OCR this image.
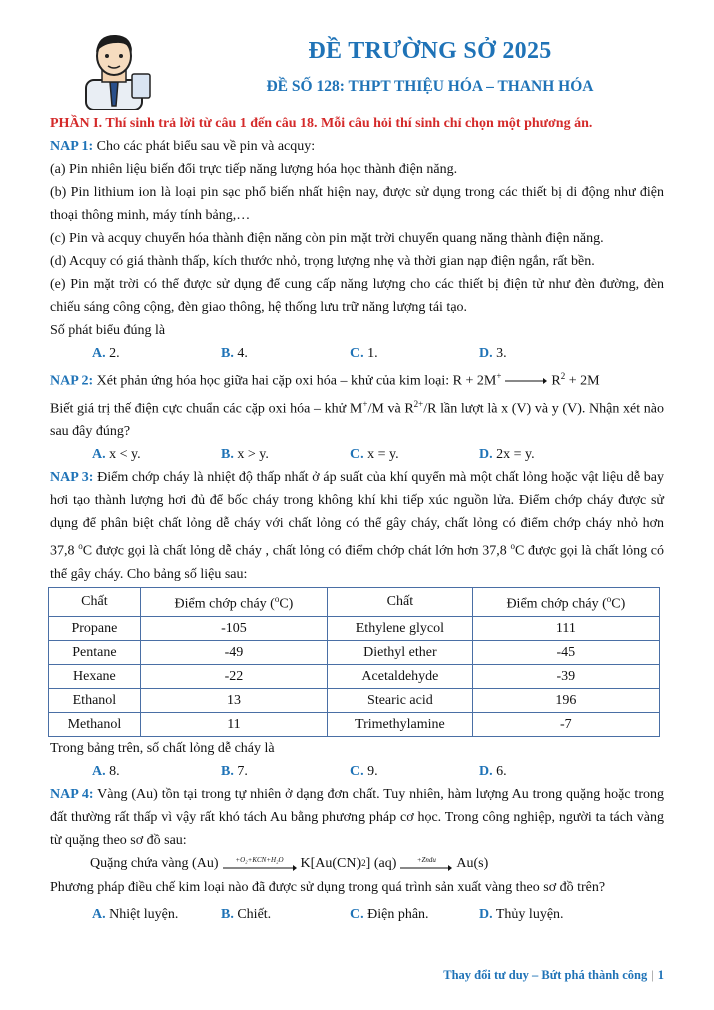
ĐỀ TRƯỜNG SỞ 2025
ĐỀ SỐ 128: THPT THIỆU HÓA – THANH HÓA

PHẦN I. Thí sinh trả lời từ câu 1 đến câu 18. Mỗi câu hỏi thí sinh chỉ chọn một phương án.

NAP 1: Cho các phát biểu sau về pin và acquy:

(a) Pin nhiên liệu biến đổi trực tiếp năng lượng hóa học thành điện năng.

(b) Pin lithium ion là loại pin sạc phổ biến nhất hiện nay, được sử dụng trong các thiết bị di động như điện thoại thông minh, máy tính bảng,…

(c) Pin và acquy chuyển hóa thành điện năng còn pin mặt trời chuyển quang năng thành điện năng.

(d) Acquy có giá thành thấp, kích thước nhỏ, trọng lượng nhẹ và thời gian nạp điện ngắn, rất bền.

(e) Pin mặt trời có thể được sử dụng để cung cấp năng lượng cho các thiết bị điện tử như đèn đường, đèn chiếu sáng công cộng, đèn giao thông, hệ thống lưu trữ năng lượng tái tạo.

Số phát biểu đúng là

A. 2.	B. 4.	C. 1.	D. 3.

NAP 2: Xét phản ứng hóa học giữa hai cặp oxi hóa – khử của kim loại: $R + 2M^+ \to R^2 + 2M$

Biết giá trị thế điện cực chuẩn các cặp oxi hóa – khử M+/M và $R^{2+}/R$ lần lượt là x (V) và y (V). Nhận xét nào sau đây đúng?

A. x < y.	B. x > y.	C. x = y.	D. 2x = y.

NAP 3: Điểm chớp cháy là nhiệt độ thấp nhất ở áp suất của khí quyển mà một chất lỏng hoặc vật liệu dễ bay hơi tạo thành lượng hơi đủ để bốc cháy trong không khí khi tiếp xúc nguồn lửa. Điểm chớp cháy được sử dụng để phân biệt chất lỏng dễ cháy với chất lỏng có thể gây cháy, chất lỏng có điểm chớp cháy nhỏ hơn 37,8 $^o$C được gọi là chất lỏng dễ cháy , chất lỏng có điểm chớp chát lớn hơn 37,8 $^o$C được gọi là chất lỏng có thể gây cháy. Cho bảng số liệu sau:

Chất	Điểm chớp cháy ($^o$C)	Chất	Điểm chớp cháy ($^o$C)
Propane	-105	Ethylene glycol	111
Pentane	-49	Diethyl ether	-45
Hexane	-22	Acetaldehyde	-39
Ethanol	13	Stearic acid	196
Methanol	11	Trimethylamine	-7

Trong bảng trên, số chất lỏng dễ cháy là

A. 8.	B. 7.	C. 9.	D. 6.

NAP 4: Vàng (Au) tồn tại trong tự nhiên ở dạng đơn chất. Tuy nhiên, hàm lượng Au trong quặng hoặc trong đất thường rất thấp vì vậy rất khó tách Au bằng phương pháp cơ học. Trong công nghiệp, người ta tách vàng từ quặng theo sơ đồ sau:

Quặng chứa vàng (Au) +O₂+KCN+H₂O K[Au(CN) 2 ] (aq)	+Zndu Au(s)

Phương pháp điều chế kim loại nào đã được sử dụng trong quá trình sản xuất vàng theo sơ đồ trên?

A. Nhiệt luyện.	B. Chiết.	C. Điện phân.	D. Thủy luyện.
Thay đổi tư duy – Bứt phá thành công | 1
